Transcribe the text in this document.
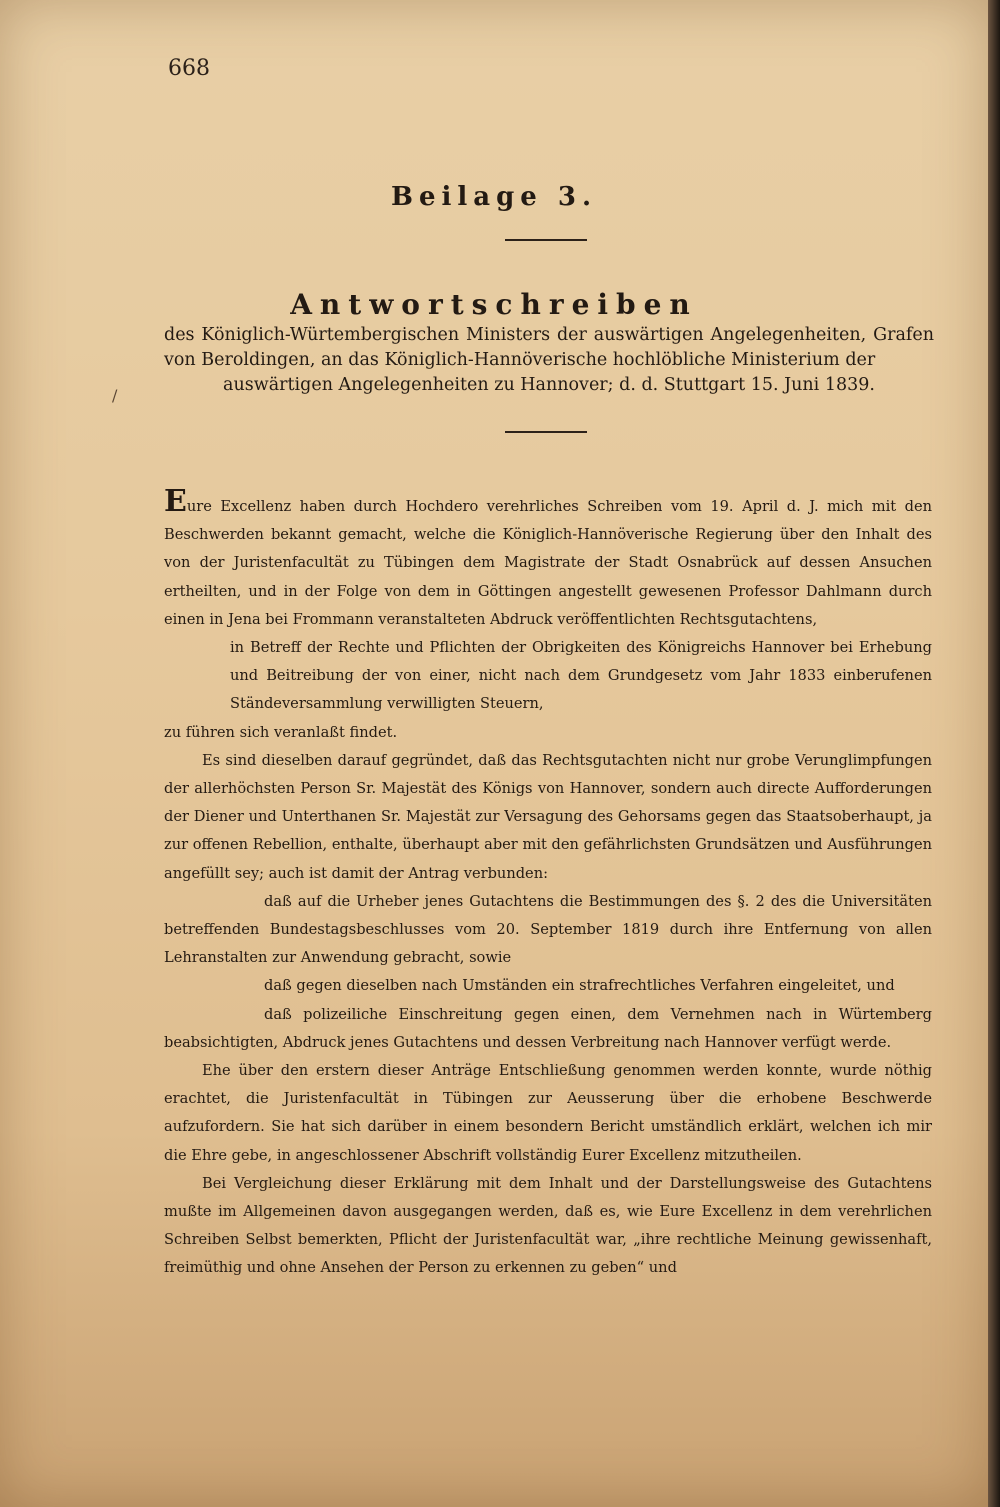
668
Beilage 3.
Antwortschreiben
des Königlich-Würtembergischen Ministers der auswärtigen Angelegenheiten, Grafen von Beroldingen, an das Königlich-Hannöverische hochlöbliche Ministerium der
auswärtigen Angelegenheiten zu Hannover; d. d. Stuttgart 15. Juni 1839.
/

Eure Excellenz haben durch Hochdero verehrliches Schreiben vom 19. April d. J. mich mit den Beschwerden bekannt gemacht, welche die Königlich-Hannöverische Regierung über den Inhalt des von der Juristenfacultät zu Tübingen dem Magistrate der Stadt Osnabrück auf dessen Ansuchen ertheilten, und in der Folge von dem in Göttingen angestellt gewesenen Professor Dahlmann durch einen in Jena bei Frommann veranstalteten Abdruck veröffentlichten Rechtsgutachtens,

in Betreff der Rechte und Pflichten der Obrigkeiten des Königreichs Hannover bei Erhebung und Beitreibung der von einer, nicht nach dem Grundgesetz vom Jahr 1833 einberufenen Ständeversammlung verwilligten Steuern,

zu führen sich veranlaßt findet.

Es sind dieselben darauf gegründet, daß das Rechtsgutachten nicht nur grobe Verunglimpfungen der allerhöchsten Person Sr. Majestät des Königs von Hannover, sondern auch directe Aufforderungen der Diener und Unterthanen Sr. Majestät zur Versagung des Gehorsams gegen das Staatsoberhaupt, ja zur offenen Rebellion, enthalte, überhaupt aber mit den gefährlichsten Grundsätzen und Ausführungen angefüllt sey; auch ist damit der Antrag verbunden:

daß auf die Urheber jenes Gutachtens die Bestimmungen des §. 2 des die Universitäten betreffenden Bundestagsbeschlusses vom 20. September 1819 durch ihre Entfernung von allen Lehranstalten zur Anwendung gebracht, sowie

daß gegen dieselben nach Umständen ein strafrechtliches Verfahren eingeleitet, und

daß polizeiliche Einschreitung gegen einen, dem Vernehmen nach in Würtemberg beabsichtigten, Abdruck jenes Gutachtens und dessen Verbreitung nach Hannover verfügt werde.

Ehe über den erstern dieser Anträge Entschließung genommen werden konnte, wurde nöthig erachtet, die Juristenfacultät in Tübingen zur Aeusserung über die erhobene Beschwerde aufzufordern. Sie hat sich darüber in einem besondern Bericht umständlich erklärt, welchen ich mir die Ehre gebe, in angeschlossener Abschrift vollständig Eurer Excellenz mitzutheilen.

Bei Vergleichung dieser Erklärung mit dem Inhalt und der Darstellungsweise des Gutachtens mußte im Allgemeinen davon ausgegangen werden, daß es, wie Eure Excellenz in dem verehrlichen Schreiben Selbst bemerkten, Pflicht der Juristenfacultät war, „ihre rechtliche Meinung gewissenhaft, freimüthig und ohne Ansehen der Person zu erkennen zu geben“ und
